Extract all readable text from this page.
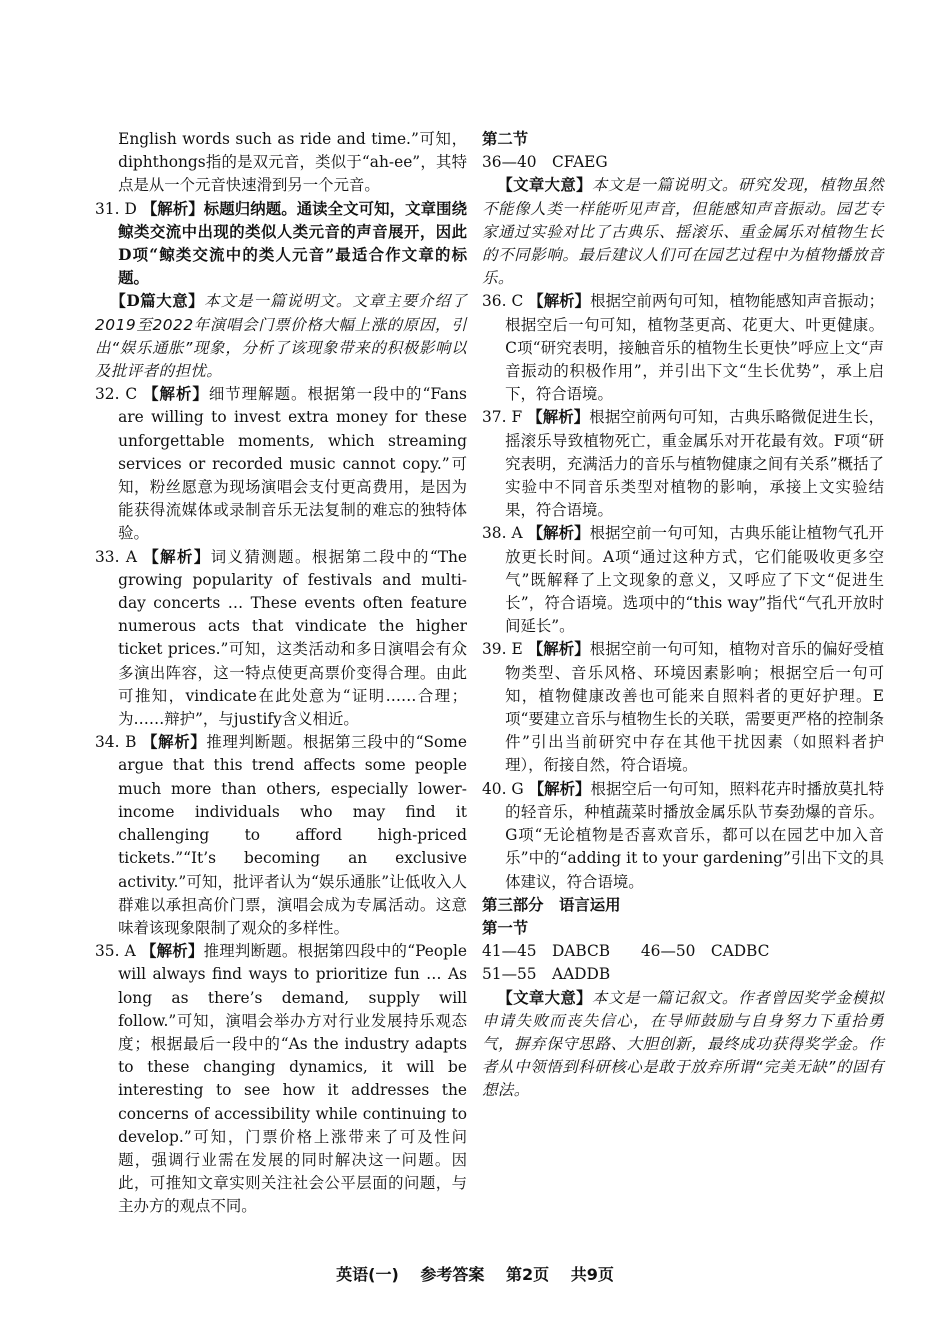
English words such as ride and time.”可知，diphthongs指的是双元音，类似于“ah-ee”，其特点是从一个元音快速滑到另一个元音。

31. D 【解析】标题归纳题。通读全文可知，文章围绕鲸类交流中出现的类似人类元音的声音展开，因此D项“鲸类交流中的类人元音”最适合作文章的标题。

【D篇大意】本文是一篇说明文。文章主要介绍了2019至2022年演唱会门票价格大幅上涨的原因，引出“娱乐通胀”现象，分析了该现象带来的积极影响以及批评者的担忧。

32. C 【解析】细节理解题。根据第一段中的“Fans are willing to invest extra money for these unforgettable moments, which streaming services or recorded music cannot copy.”可知，粉丝愿意为现场演唱会支付更高费用，是因为能获得流媒体或录制音乐无法复制的难忘的独特体验。

33. A 【解析】词义猜测题。根据第二段中的“The growing popularity of festivals and multi-day concerts … These events often feature numerous acts that vindicate the higher ticket prices.”可知，这类活动和多日演唱会有众多演出阵容，这一特点使更高票价变得合理。由此可推知，vindicate在此处意为“证明……合理；为……辩护”，与justify含义相近。

34. B 【解析】推理判断题。根据第三段中的“Some argue that this trend affects some people much more than others, especially lower-income individuals who may find it challenging to afford high-priced tickets.”“It’s becoming an exclusive activity.”可知，批评者认为“娱乐通胀”让低收入人群难以承担高价门票，演唱会成为专属活动。这意味着该现象限制了观众的多样性。

35. A 【解析】推理判断题。根据第四段中的“People will always find ways to prioritize fun … As long as there’s demand, supply will follow.”可知，演唱会举办方对行业发展持乐观态度；根据最后一段中的“As the industry adapts to these changing dynamics, it will be interesting to see how it addresses the concerns of accessibility while continuing to develop.”可知，门票价格上涨带来了可及性问题，强调行业需在发展的同时解决这一问题。因此，可推知文章实则关注社会公平层面的问题，与主办方的观点不同。

第二节

36—40　CFAEG

【文章大意】本文是一篇说明文。研究发现，植物虽然不能像人类一样能听见声音，但能感知声音振动。园艺专家通过实验对比了古典乐、摇滚乐、重金属乐对植物生长的不同影响。最后建议人们可在园艺过程中为植物播放音乐。

36. C 【解析】根据空前两句可知，植物能感知声音振动；根据空后一句可知，植物茎更高、花更大、叶更健康。C项“研究表明，接触音乐的植物生长更快”呼应上文“声音振动的积极作用”，并引出下文“生长优势”，承上启下，符合语境。

37. F 【解析】根据空前两句可知，古典乐略微促进生长，摇滚乐导致植物死亡，重金属乐对开花最有效。F项“研究表明，充满活力的音乐与植物健康之间有关系”概括了实验中不同音乐类型对植物的影响，承接上文实验结果，符合语境。

38. A 【解析】根据空前一句可知，古典乐能让植物气孔开放更长时间。A项“通过这种方式，它们能吸收更多空气”既解释了上文现象的意义，又呼应了下文“促进生长”，符合语境。选项中的“this way”指代“气孔开放时间延长”。

39. E 【解析】根据空前一句可知，植物对音乐的偏好受植物类型、音乐风格、环境因素影响；根据空后一句可知，植物健康改善也可能来自照料者的更好护理。E项“要建立音乐与植物生长的关联，需要更严格的控制条件”引出当前研究中存在其他干扰因素（如照料者护理），衔接自然，符合语境。

40. G 【解析】根据空后一句可知，照料花卉时播放莫扎特的轻音乐，种植蔬菜时播放金属乐队节奏劲爆的音乐。G项“无论植物是否喜欢音乐，都可以在园艺中加入音乐”中的“adding it to your gardening”引出下文的具体建议，符合语境。

第三部分　语言运用

第一节

41—45　DABCB　　46—50　CADBC

51—55　AADDB

【文章大意】本文是一篇记叙文。作者曾因奖学金模拟申请失败而丧失信心，在导师鼓励与自身努力下重拾勇气，摒弃保守思路、大胆创新，最终成功获得奖学金。作者从中领悟到科研核心是敢于放弃所谓“完美无缺”的固有想法。

英语(一) 参考答案 第2页 共9页
